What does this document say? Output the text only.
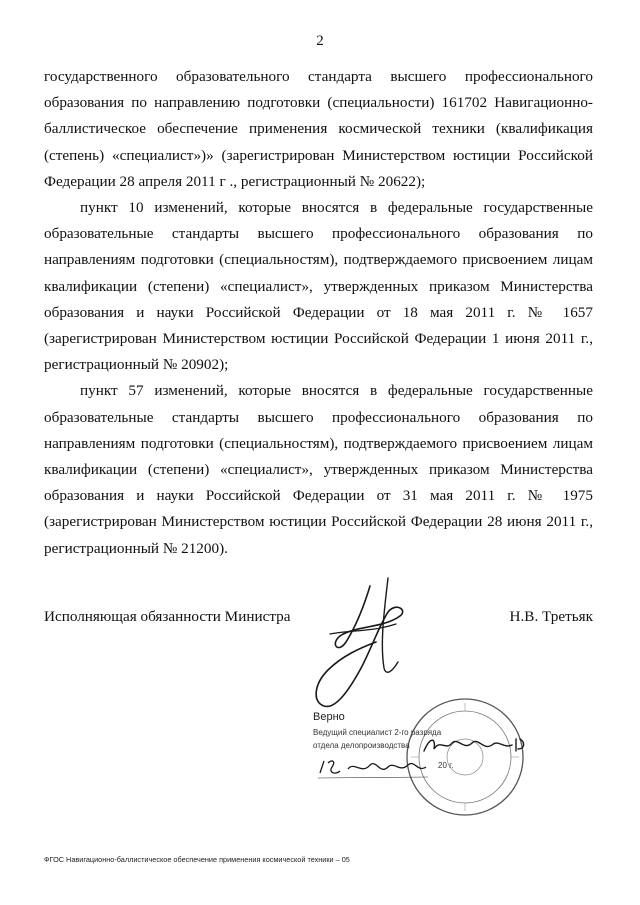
2

государственного образовательного стандарта высшего профессионального образования по направлению подготовки (специальности) 161702 Навигационно-баллистическое обеспечение применения космической техники (квалификация (степень) «специалист»)» (зарегистрирован Министерством юстиции Российской Федерации 28 апреля 2011 г ., регистрационный № 20622);

пункт 10 изменений, которые вносятся в федеральные государственные образовательные стандарты высшего профессионального образования по направлениям подготовки (специальностям), подтверждаемого присвоением лицам квалификации (степени) «специалист», утвержденных приказом Министерства образования и науки Российской Федерации от 18 мая 2011 г. № 1657 (зарегистрирован Министерством юстиции Российской Федерации 1 июня 2011 г., регистрационный № 20902);

пункт 57 изменений, которые вносятся в федеральные государственные образовательные стандарты высшего профессионального образования по направлениям подготовки (специальностям), подтверждаемого присвоением лицам квалификации (степени) «специалист», утвержденных приказом Министерства образования и науки Российской Федерации от 31 мая 2011 г. № 1975 (зарегистрирован Министерством юстиции Российской Федерации 28 июня 2011 г., регистрационный № 21200).

Исполняющая обязанности Министра	Н.В. Третьяк
Верно
Ведущий специалист 2-го разряда
отдела делопроизводства
20 г.
ФГОС Навигационно-баллистическое обеспечение применения космической техники – 05
